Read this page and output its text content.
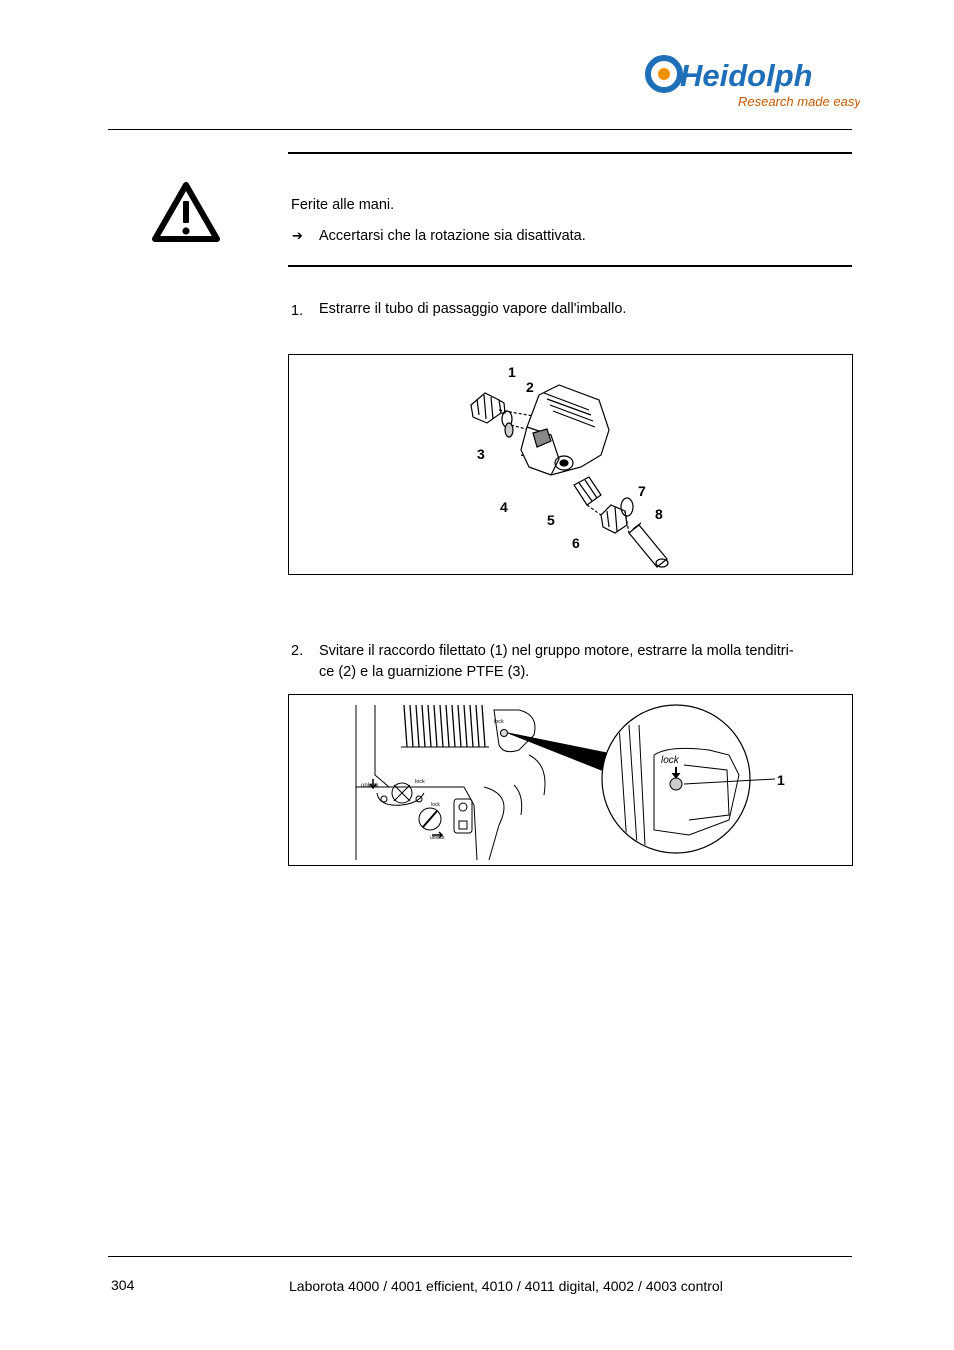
Heidolph
Research made easy
Ferite alle mani.
➔ Accertarsi che la rotazione sia disattivata.
1. Estrarre il tubo di passaggio vapore dall'imballo.
1
2
3
4
5
6
7
8
2. Svitare il raccordo filettato (1) nel gruppo motore, estrarre la molla tenditri-
ce (2) e la guarnizione PTFE (3).
unlock
lock
lock
unlock
lock
lock
1
304	Laborota 4000 / 4001 efficient, 4010 / 4011 digital, 4002 / 4003 control
